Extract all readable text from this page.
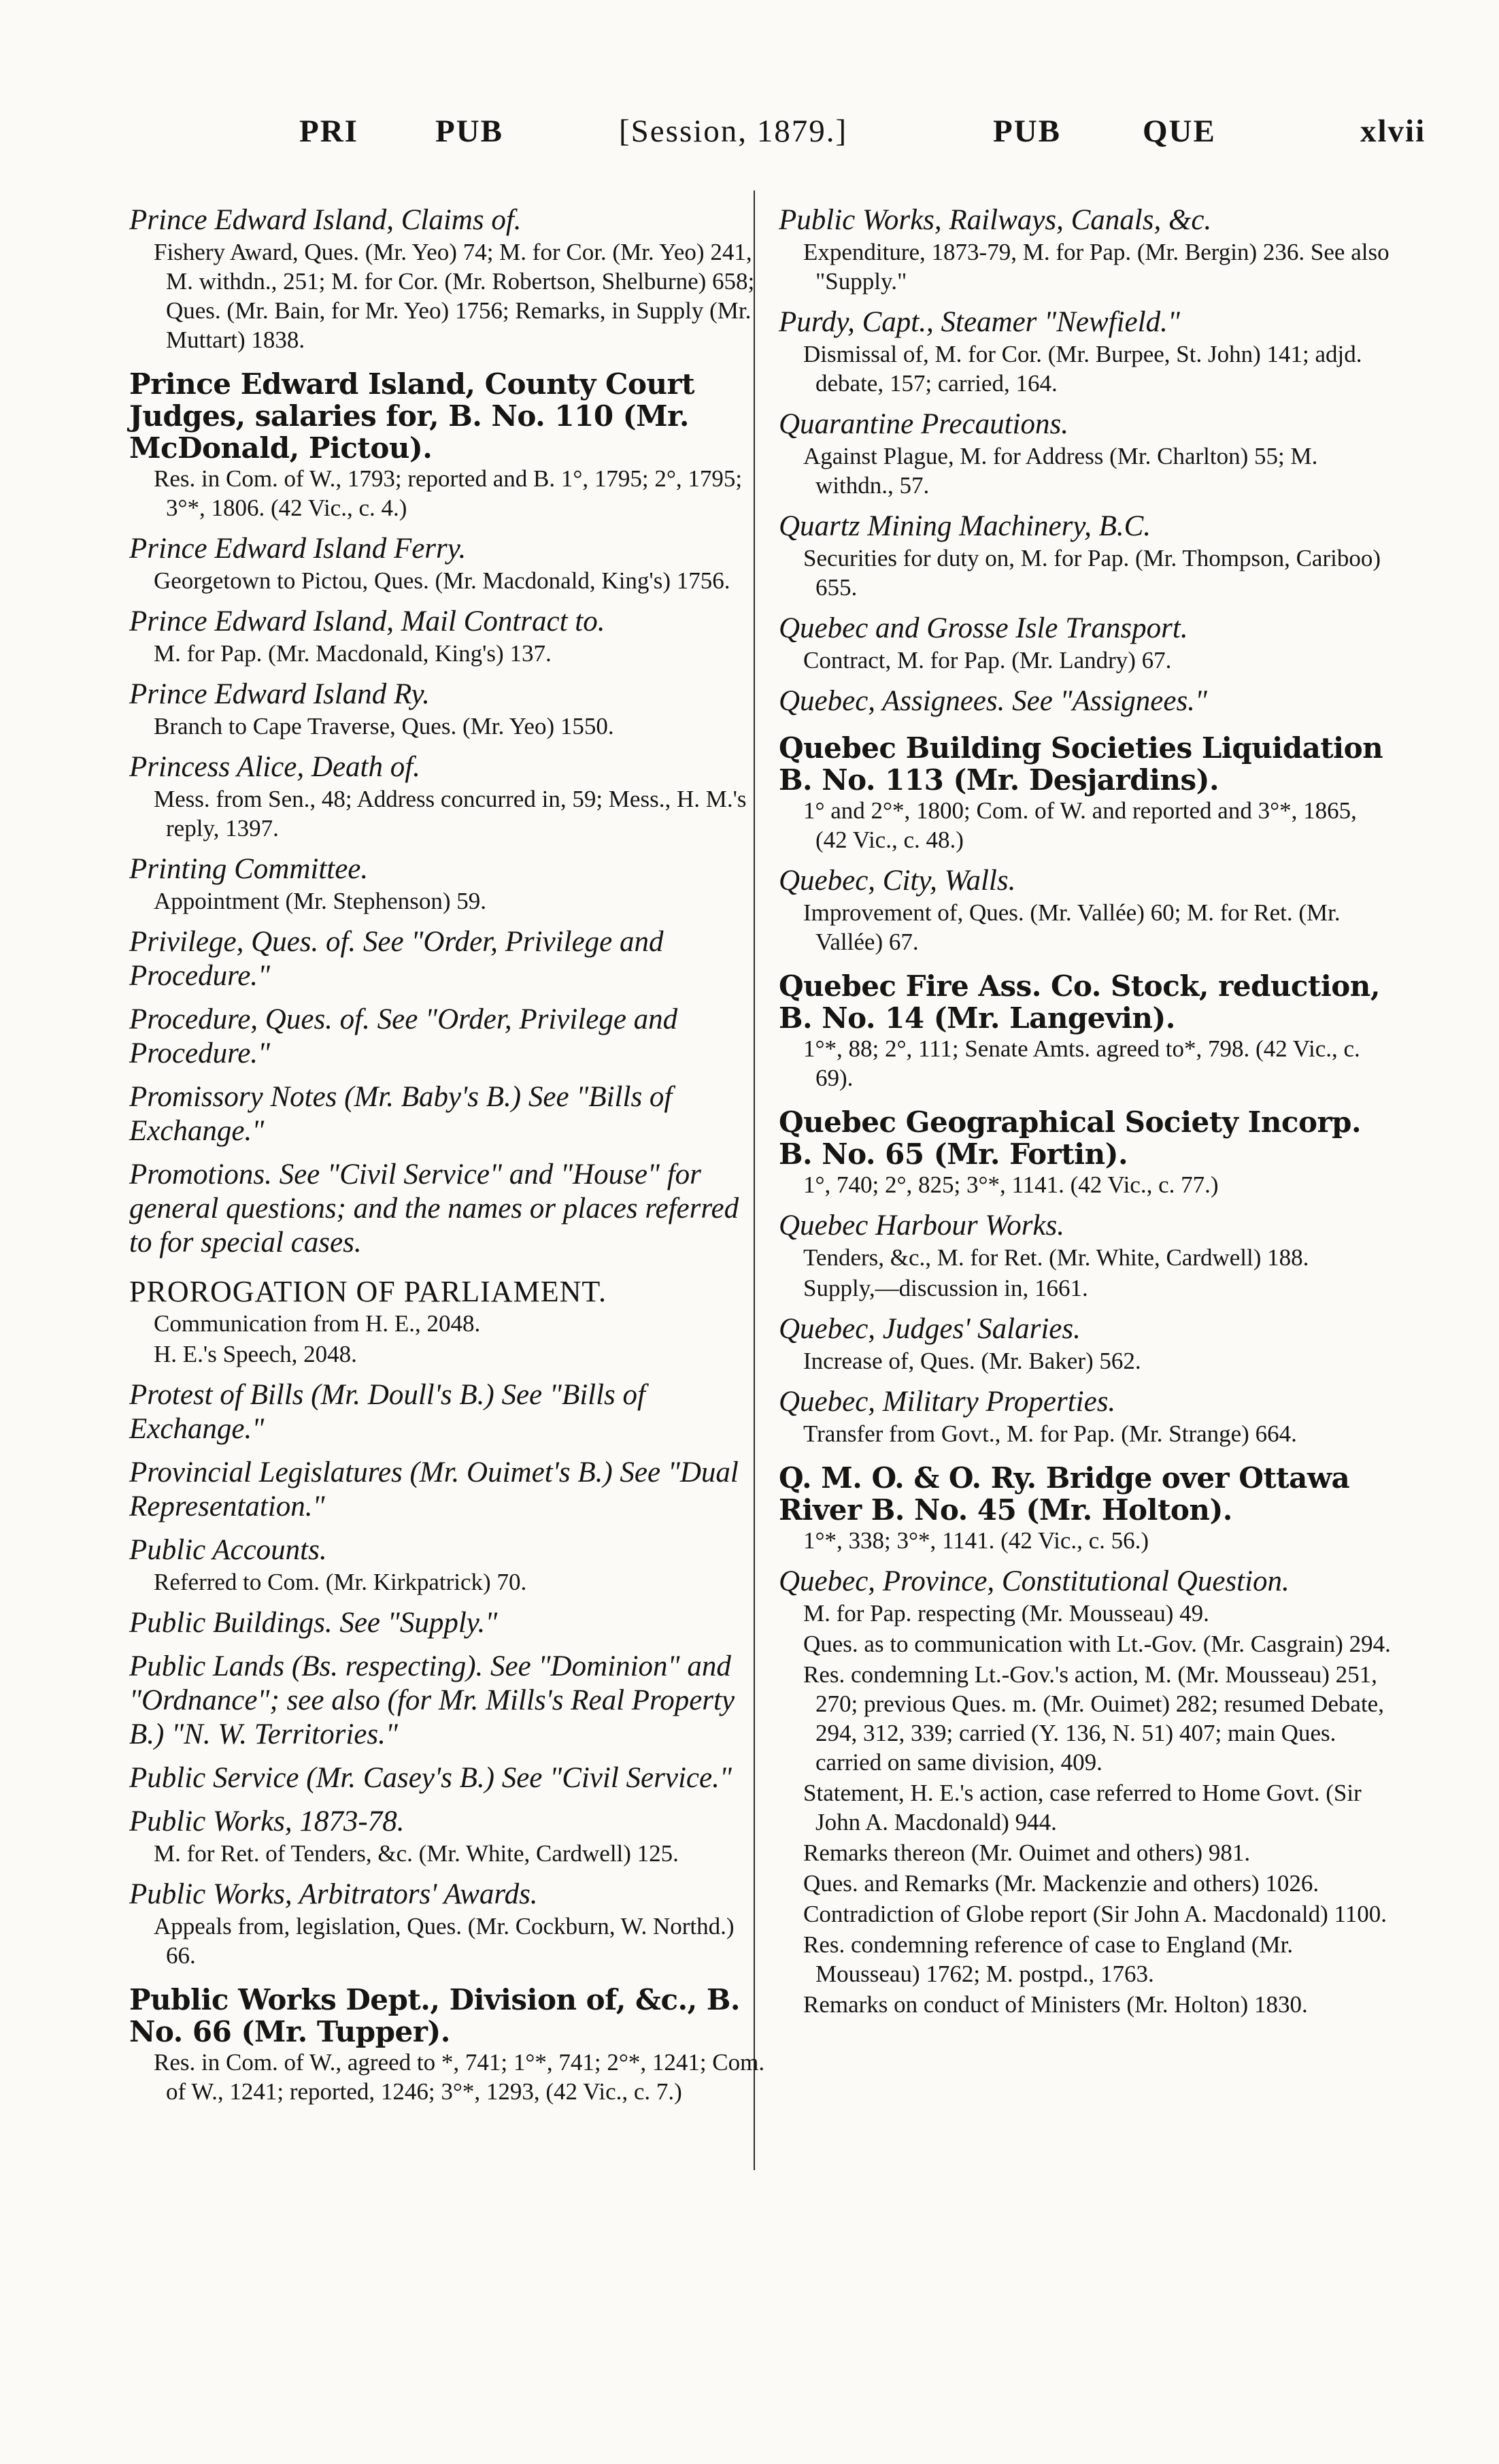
PRI PUB	[Session, 1879.]	PUB	QUE	xlvii
Prince Edward Island, Claims of.
Fishery Award, Ques. (Mr. Yeo) 74; M. for Cor. (Mr. Yeo) 241, M. withdn., 251; M. for Cor. (Mr. Robertson, Shelburne) 658; Ques. (Mr. Bain, for Mr. Yeo) 1756; Remarks, in Supply (Mr. Muttart) 1838.
Prince Edward Island, County Court Judges, salaries for, B. No. 110 (Mr. McDonald, Pictou).
Res. in Com. of W., 1793; reported and B. 1°, 1795; 2°, 1795; 3°*, 1806. (42 Vic., c. 4.)
Prince Edward Island Ferry.
Georgetown to Pictou, Ques. (Mr. Macdonald, King's) 1756.
Prince Edward Island, Mail Contract to.
M. for Pap. (Mr. Macdonald, King's) 137.
Prince Edward Island Ry.
Branch to Cape Traverse, Ques. (Mr. Yeo) 1550.
Princess Alice, Death of.
Mess. from Sen., 48; Address concurred in, 59; Mess., H. M.'s reply, 1397.
Printing Committee.
Appointment (Mr. Stephenson) 59.
Privilege, Ques. of. See "Order, Privilege and Procedure."
Procedure, Ques. of. See "Order, Privilege and Procedure."
Promissory Notes (Mr. Baby's B.) See "Bills of Exchange."
Promotions. See "Civil Service" and "House" for general questions; and the names or places referred to for special cases.
PROROGATION OF PARLIAMENT.
Communication from H. E., 2048.
H. E.'s Speech, 2048.
Protest of Bills (Mr. Doull's B.) See "Bills of Exchange."
Provincial Legislatures (Mr. Ouimet's B.) See "Dual Representation."
Public Accounts.
Referred to Com. (Mr. Kirkpatrick) 70.
Public Buildings. See "Supply."
Public Lands (Bs. respecting). See "Dominion" and "Ordnance"; see also (for Mr. Mills's Real Property B.) "N. W. Territories."
Public Service (Mr. Casey's B.) See "Civil Service."
Public Works, 1873-78.
M. for Ret. of Tenders, &c. (Mr. White, Cardwell) 125.
Public Works, Arbitrators' Awards.
Appeals from, legislation, Ques. (Mr. Cockburn, W. Northd.) 66.
Public Works Dept., Division of, &c., B. No. 66 (Mr. Tupper).
Res. in Com. of W., agreed to *, 741; 1°*, 741; 2°*, 1241; Com. of W., 1241; reported, 1246; 3°*, 1293, (42 Vic., c. 7.)
Public Works, Railways, Canals, &c.
Expenditure, 1873-79, M. for Pap. (Mr. Bergin) 236. See also "Supply."
Purdy, Capt., Steamer "Newfield."
Dismissal of, M. for Cor. (Mr. Burpee, St. John) 141; adjd. debate, 157; carried, 164.
Quarantine Precautions.
Against Plague, M. for Address (Mr. Charlton) 55; M. withdn., 57.
Quartz Mining Machinery, B.C.
Securities for duty on, M. for Pap. (Mr. Thompson, Cariboo) 655.
Quebec and Grosse Isle Transport.
Contract, M. for Pap. (Mr. Landry) 67.
Quebec, Assignees. See "Assignees."
Quebec Building Societies Liquidation B. No. 113 (Mr. Desjardins).
1° and 2°*, 1800; Com. of W. and reported and 3°*, 1865, (42 Vic., c. 48.)
Quebec, City, Walls.
Improvement of, Ques. (Mr. Vallée) 60; M. for Ret. (Mr. Vallée) 67.
Quebec Fire Ass. Co. Stock, reduction, B. No. 14 (Mr. Langevin).
1°*, 88; 2°, 111; Senate Amts. agreed to*, 798. (42 Vic., c. 69).
Quebec Geographical Society Incorp. B. No. 65 (Mr. Fortin).
1°, 740; 2°, 825; 3°*, 1141. (42 Vic., c. 77.)
Quebec Harbour Works.
Tenders, &c., M. for Ret. (Mr. White, Cardwell) 188.
Supply,—discussion in, 1661.
Quebec, Judges' Salaries.
Increase of, Ques. (Mr. Baker) 562.
Quebec, Military Properties.
Transfer from Govt., M. for Pap. (Mr. Strange) 664.
Q. M. O. & O. Ry. Bridge over Ottawa River B. No. 45 (Mr. Holton).
1°*, 338; 3°*, 1141. (42 Vic., c. 56.)
Quebec, Province, Constitutional Question.
M. for Pap. respecting (Mr. Mousseau) 49.
Ques. as to communication with Lt.-Gov. (Mr. Casgrain) 294.
Res. condemning Lt.-Gov.'s action, M. (Mr. Mousseau) 251, 270; previous Ques. m. (Mr. Ouimet) 282; resumed Debate, 294, 312, 339; carried (Y. 136, N. 51) 407; main Ques. carried on same division, 409.
Statement, H. E.'s action, case referred to Home Govt. (Sir John A. Macdonald) 944.
Remarks thereon (Mr. Ouimet and others) 981.
Ques. and Remarks (Mr. Mackenzie and others) 1026.
Contradiction of Globe report (Sir John A. Macdonald) 1100.
Res. condemning reference of case to England (Mr. Mousseau) 1762; M. postpd., 1763.
Remarks on conduct of Ministers (Mr. Holton) 1830.
